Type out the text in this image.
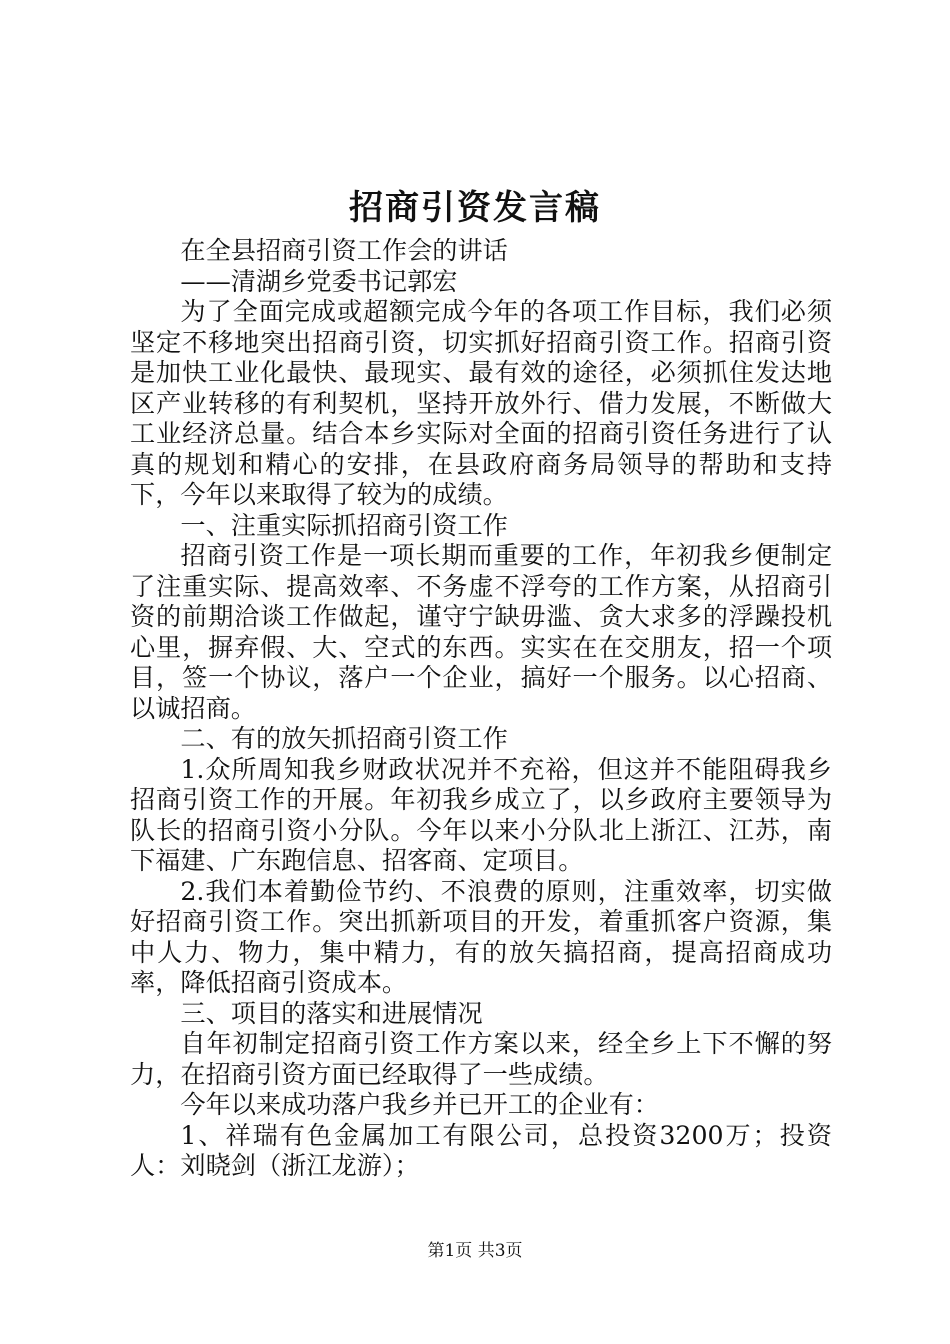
招商引资发言稿

在全县招商引资工作会的讲话

——清湖乡党委书记郭宏

为了全面完成或超额完成今年的各项工作目标，我们必须坚定不移地突出招商引资，切实抓好招商引资工作。招商引资是加快工业化最快、最现实、最有效的途径，必须抓住发达地区产业转移的有利契机，坚持开放外行、借力发展，不断做大工业经济总量。结合本乡实际对全面的招商引资任务进行了认真的规划和精心的安排，在县政府商务局领导的帮助和支持下，今年以来取得了较为的成绩。

一、注重实际抓招商引资工作

招商引资工作是一项长期而重要的工作，年初我乡便制定了注重实际、提高效率、不务虚不浮夸的工作方案，从招商引资的前期洽谈工作做起，谨守宁缺毋滥、贪大求多的浮躁投机心里，摒弃假、大、空式的东西。实实在在交朋友，招一个项目，签一个协议，落户一个企业，搞好一个服务。以心招商、以诚招商。

二、有的放矢抓招商引资工作

1.众所周知我乡财政状况并不充裕，但这并不能阻碍我乡招商引资工作的开展。年初我乡成立了，以乡政府主要领导为队长的招商引资小分队。今年以来小分队北上浙江、江苏，南下福建、广东跑信息、招客商、定项目。

2.我们本着勤俭节约、不浪费的原则，注重效率，切实做好招商引资工作。突出抓新项目的开发，着重抓客户资源，集中人力、物力，集中精力，有的放矢搞招商，提高招商成功率，降低招商引资成本。

三、项目的落实和进展情况

自年初制定招商引资工作方案以来，经全乡上下不懈的努力，在招商引资方面已经取得了一些成绩。

今年以来成功落户我乡并已开工的企业有：

1、祥瑞有色金属加工有限公司，总投资3200万；投资人：刘晓剑（浙江龙游）；

第1页 共3页
